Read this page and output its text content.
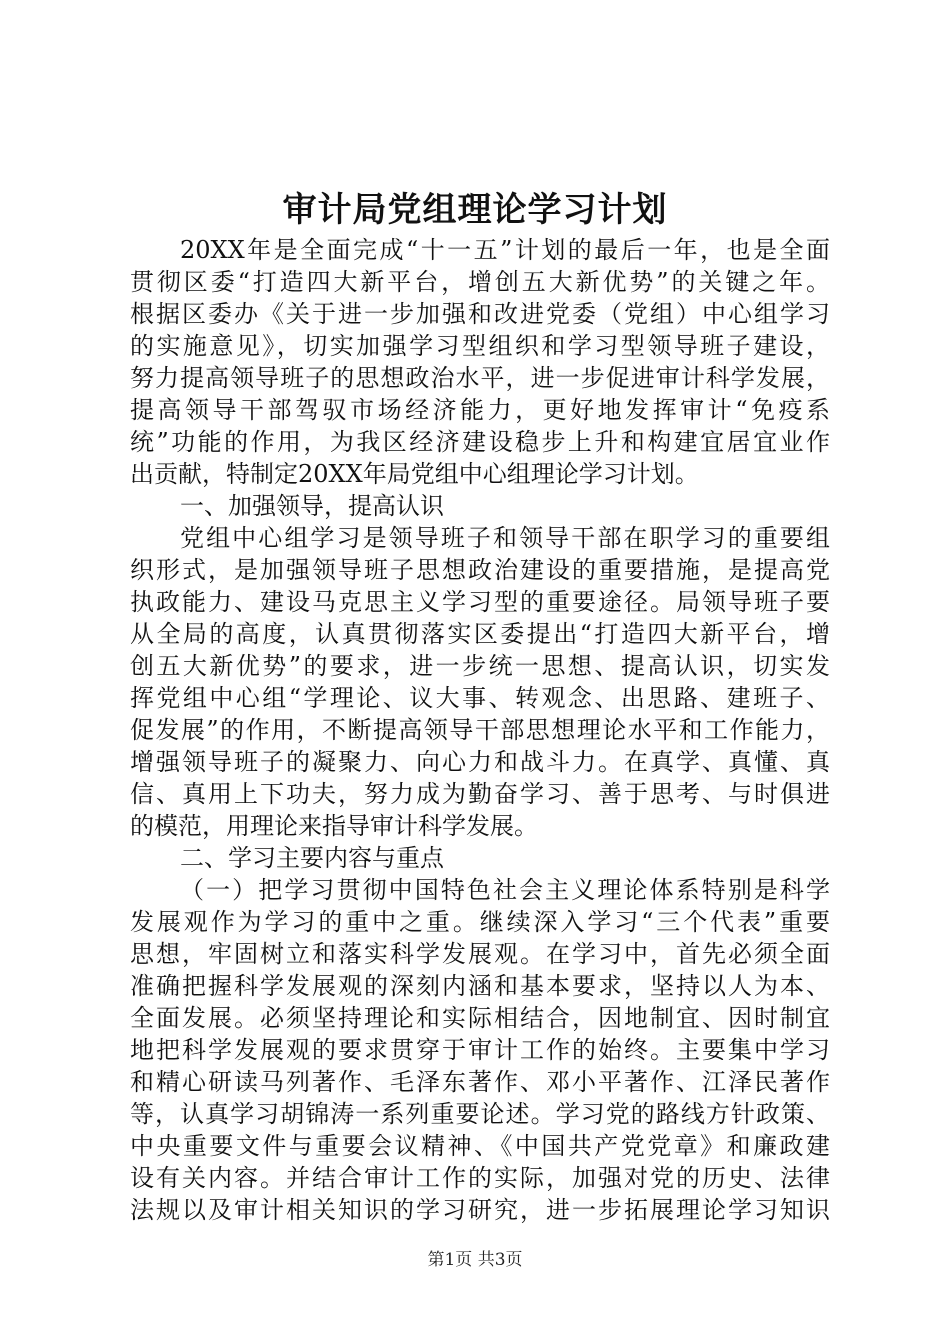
审计局党组理论学习计划
20XX年是全面完成“十一五”计划的最后一年，也是全面
贯彻区委“打造四大新平台，增创五大新优势”的关键之年。
根据区委办《关于进一步加强和改进党委（党组）中心组学习
的实施意见》，切实加强学习型组织和学习型领导班子建设，
努力提高领导班子的思想政治水平，进一步促进审计科学发展，
提高领导干部驾驭市场经济能力，更好地发挥审计“免疫系
统”功能的作用，为我区经济建设稳步上升和构建宜居宜业作
出贡献，特制定20XX年局党组中心组理论学习计划。
一、加强领导，提高认识
党组中心组学习是领导班子和领导干部在职学习的重要组
织形式，是加强领导班子思想政治建设的重要措施，是提高党
执政能力、建设马克思主义学习型的重要途径。局领导班子要
从全局的高度，认真贯彻落实区委提出“打造四大新平台，增
创五大新优势”的要求，进一步统一思想、提高认识，切实发
挥党组中心组“学理论、议大事、转观念、出思路、建班子、
促发展”的作用，不断提高领导干部思想理论水平和工作能力，
增强领导班子的凝聚力、向心力和战斗力。在真学、真懂、真
信、真用上下功夫，努力成为勤奋学习、善于思考、与时俱进
的模范，用理论来指导审计科学发展。
二、学习主要内容与重点
（一）把学习贯彻中国特色社会主义理论体系特别是科学
发展观作为学习的重中之重。继续深入学习“三个代表”重要
思想，牢固树立和落实科学发展观。在学习中，首先必须全面
准确把握科学发展观的深刻内涵和基本要求，坚持以人为本、
全面发展。必须坚持理论和实际相结合，因地制宜、因时制宜
地把科学发展观的要求贯穿于审计工作的始终。主要集中学习
和精心研读马列著作、毛泽东著作、邓小平著作、江泽民著作
等，认真学习胡锦涛一系列重要论述。学习党的路线方针政策、
中央重要文件与重要会议精神、《中国共产党党章》和廉政建
设有关内容。并结合审计工作的实际，加强对党的历史、法律
法规以及审计相关知识的学习研究，进一步拓展理论学习知识
第1页 共3页
